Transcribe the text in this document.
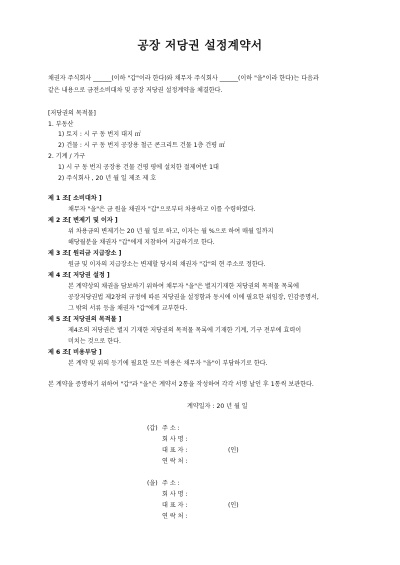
공장 저당권 설정계약서
채권자 주식회사 ______(이하 "갑"이라 한다)와 채무자 주식회사 ______(이하 "을"이라 한다)는 다음과
같은 내용으로 금전소비대차 및 공장 저당권 설정계약을 체결한다.
[저당권의 목적물]
1. 부동산
1) 토지 : 시 구 동 번지 대지 ㎡
2) 건물 : 시 구 동 번지 공장용 철근 콘크리트 건물 1층 건평 ㎡
2. 기계 / 가구
1) 시 구 동 번지 공장용 건물 건평 평에 설치한 절제여반 1대
2) 주식회사 , 20 년 월 일 제조 제 호
제 1 조[ 소비대차 ]
채무자 "을"은 금 원을 채권자 "갑"으로부터 차용하고 이를 수령하였다.
제 2 조[ 변제기 및 이자 ]
위 차용금의 변제기는 20 년 월 일로 하고, 이자는 월 %으로 하여 매월 일까지
해당월분을 채권자 "갑"에게 지참하여 지급하기로 한다.
제 3 조[ 원리금 지급장소 ]
원금 및 이자의 지급장소는 변제할 당시의 채권자 "갑"의 현 주소로 정한다.
제 4 조[ 저당권 설정 ]
본 계약상의 채권을 담보하기 위하여 채무자 "을"은 별지기재한 저당권의 목적물 목록에
공장저당권법 제2창의 규정에 따른 저당권을 설정함과 동시에 이에 필요한 위임장, 인감증명서,
그 밖의 서류 등을 채권자 "갑"에게 교부한다.
제 5 조[ 저당권의 목적물 ]
제4조의 저당권은 별지 기재한 저당권의 목적물 목록에 기재한 기계, 기구 전부에 효력이
미치는 것으로 한다.
제 6 조[ 비용부담 ]
본 계약 및 위의 등기에 필요한 모든 비용은 채무자 "을"이 부담하기로 한다.
본 계약을 증명하기 위하여 "갑"과 "을"은 계약서 2통을 작성하여 각각 서명 날인 후 1통씩 보관한다.
계약일자 : 20 년 월 일
(갑) 주 소 :
회 사 명 :
대 표 자 :	(인)
연 락 처 :
(을) 주 소 :
회 사 명 :
대 표 자 :	(인)
연 락 처 :
